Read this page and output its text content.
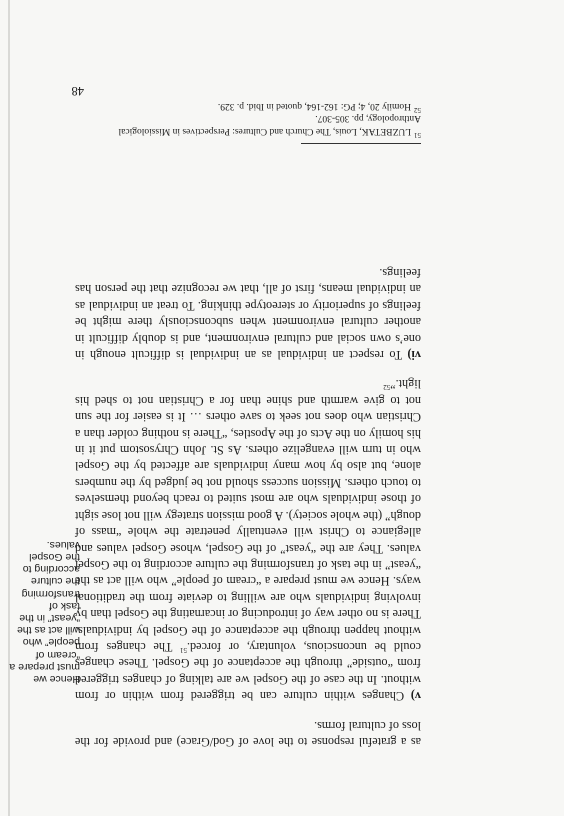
as a grateful response to the love of God/Grace) and provide for the loss of cultural forms.

v) Changes within culture can be triggered from within or from without. In the case of the Gospel we are talking of changes triggered from “outside” through the acceptance of the Gospel. These changes could be unconscious, voluntary, or forced.$^{51}$ The changes from without happen through the acceptance of the Gospel by individuals. There is no other way of introducing or incarnating the Gospel than by involving individuals who are willing to deviate from the traditional ways. Hence we must prepare a “cream of people” who will act as the “yeast” in the task of transforming the culture according to the Gospel values. They are the “yeast” of the Gospel, whose Gospel values and allegiance to Christ will eventually penetrate the whole “mass of dough” (the whole society). A good mission strategy will not lose sight of those individuals who are most suited to reach beyond themselves to touch others. Mission success should not be judged by the numbers alone, but also by how many individuals are affected by the Gospel who in turn will evangelize others. As St. John Chrysostom put it in his homily on the Acts of the Apostles, “There is nothing colder than a Christian who does not seek to save others … It is easier for the sun not to give warmth and shine than for a Christian not to shed his light.”$^{52}$

vi) To respect an individual as an individual is difficult enough in one’s own social and cultural environment, and is doubly difficult in another cultural environment when subconsciously there might be feelings of superiority or stereotype thinking. To treat an individual as an individual means, first of all, that we recognize that the person has feelings.

Hence we must prepare a “cream of people” who will act as the “yeast” in the task of transforming the culture according to the Gospel values.

$^{51}$LUZBETAK, Louis, The Church and Cultures: Perspectives in Missiological Anthropology, pp. 305-307.

$^{52}$Homily 20, 4; PG: 162-164, quoted in Ibid. p. 329.

48
